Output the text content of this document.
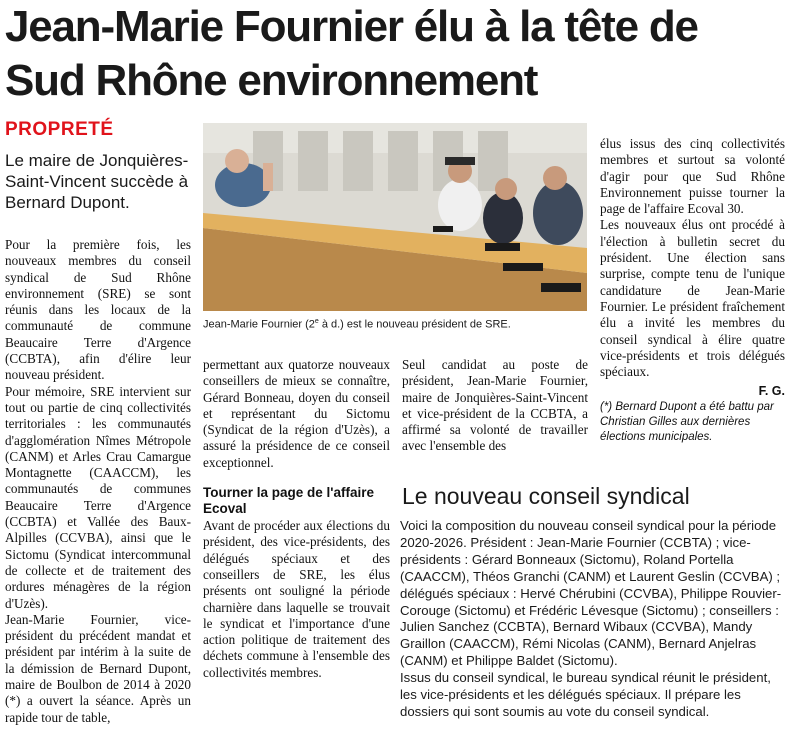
Jean-Marie Fournier élu à la tête de Sud Rhône environnement
PROPRETÉ
Le maire de Jonquières-Saint-Vincent succède à Bernard Dupont.
Jean-Marie Fournier (2e à d.) est le nouveau président de SRE.

Pour la première fois, les nouveaux membres du conseil syndical de Sud Rhône environnement (SRE) se sont réunis dans les locaux de la communauté de commune Beaucaire Terre d'Argence (CCBTA), afin d'élire leur nouveau président.

Pour mémoire, SRE intervient sur tout ou partie de cinq collectivités territoriales : les communautés d'agglomération Nîmes Métropole (CANM) et Arles Crau Camargue Montagnette (CAACCM), les communautés de communes Beaucaire Terre d'Argence (CCBTA) et Vallée des Baux-Alpilles (CCVBA), ainsi que le Sictomu (Syndicat intercommunal de collecte et de traitement des ordures ménagères de la région d'Uzès).

Jean-Marie Fournier, vice-président du précédent mandat et président par intérim à la suite de la démission de Bernard Dupont, maire de Boulbon de 2014 à 2020 (*) a ouvert la séance. Après un rapide tour de table,

permettant aux quatorze nouveaux conseillers de mieux se connaître, Gérard Bonneau, doyen du conseil et représentant du Sictomu (Syndicat de la région d'Uzès), a assuré la présidence de ce conseil exceptionnel.

Tourner la page de l'affaire Ecoval

Avant de procéder aux élections du président, des vice-présidents, des délégués spéciaux et des conseillers de SRE, les élus présents ont souligné la période charnière dans laquelle se trouvait le syndicat et l'importance d'une action politique de traitement des déchets commune à l'ensemble des collectivités membres.

Seul candidat au poste de président, Jean-Marie Fournier, maire de Jonquières-Saint-Vincent et vice-président de la CCBTA, a affirmé sa volonté de travailler avec l'ensemble des

élus issus des cinq collectivités membres et surtout sa volonté d'agir pour que Sud Rhône Environnement puisse tourner la page de l'affaire Ecoval 30.

Les nouveaux élus ont procédé à l'élection à bulletin secret du président. Une élection sans surprise, compte tenu de l'unique candidature de Jean-Marie Fournier. Le président fraîchement élu a invité les membres du conseil syndical à élire quatre vice-présidents et trois délégués spéciaux.

F. G.

(*) Bernard Dupont a été battu par Christian Gilles aux dernières élections municipales.

Le nouveau conseil syndical

Voici la composition du nouveau conseil syndical pour la période 2020-2026. Président : Jean-Marie Fournier (CCBTA) ; vice-présidents : Gérard Bonneaux (Sictomu), Roland Portella (CAACCM), Théos Granchi (CANM) et Laurent Geslin (CCVBA) ; délégués spéciaux : Hervé Chérubini (CCVBA), Philippe Rouvier-Corouge (Sictomu) et Frédéric Lévesque (Sictomu) ; conseillers : Julien Sanchez (CCBTA), Bernard Wibaux (CCVBA), Mandy Graillon (CAACCM), Rémi Nicolas (CANM), Bernard Anjelras (CANM) et Philippe Baldet (Sictomu).

Issus du conseil syndical, le bureau syndical réunit le président, les vice-présidents et les délégués spéciaux. Il prépare les dossiers qui sont soumis au vote du conseil syndical.
